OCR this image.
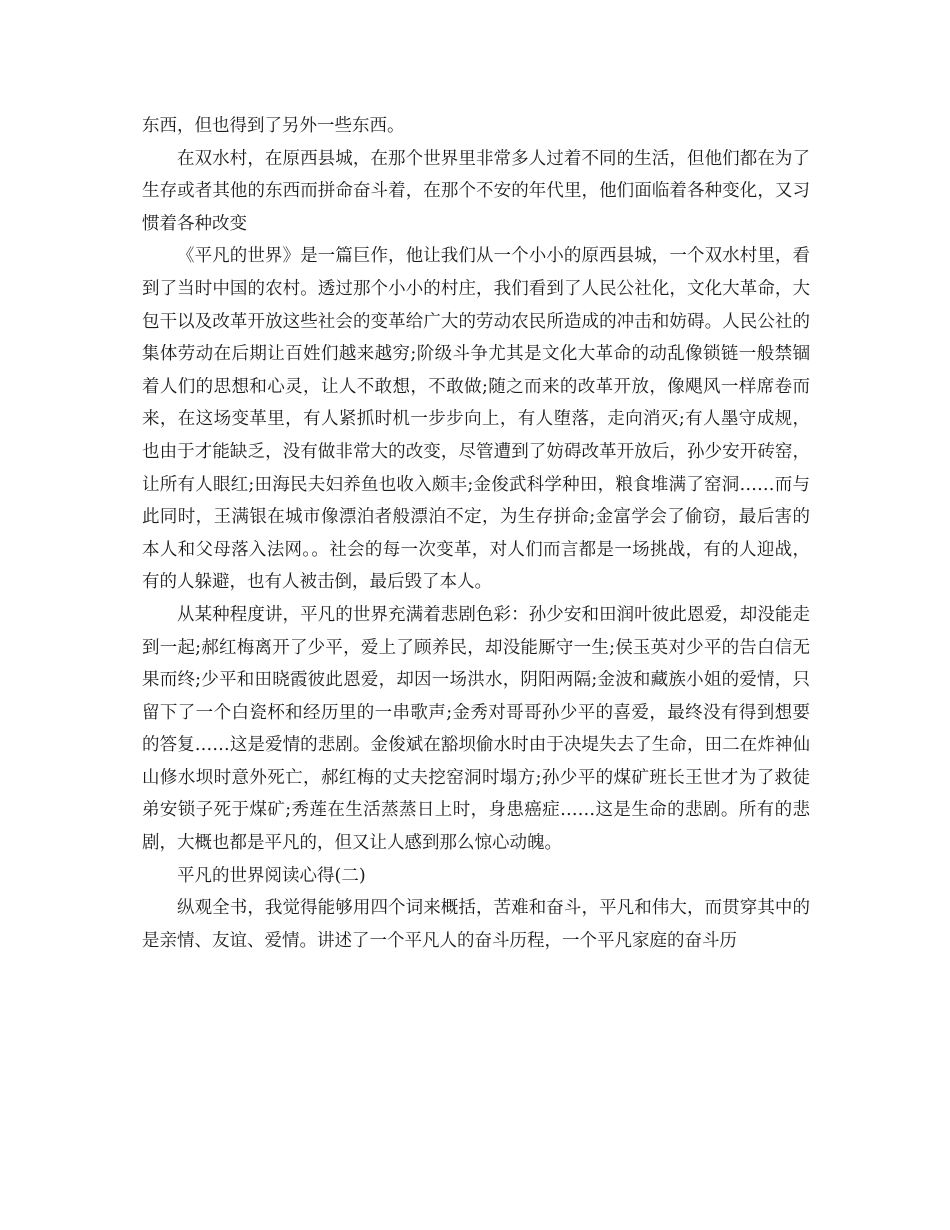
东西，但也得到了另外一些东西。

在双水村，在原西县城，在那个世界里非常多人过着不同的生活，但他们都在为了生存或者其他的东西而拼命奋斗着，在那个不安的年代里，他们面临着各种变化，又习惯着各种改变

《平凡的世界》是一篇巨作，他让我们从一个小小的原西县城，一个双水村里，看到了当时中国的农村。透过那个小小的村庄，我们看到了人民公社化，文化大革命，大包干以及改革开放这些社会的变革给广大的劳动农民所造成的冲击和妨碍。人民公社的集体劳动在后期让百姓们越来越穷;阶级斗争尤其是文化大革命的动乱像锁链一般禁锢着人们的思想和心灵，让人不敢想，不敢做;随之而来的改革开放，像飓风一样席卷而来，在这场变革里，有人紧抓时机一步步向上，有人堕落，走向消灭;有人墨守成规，也由于才能缺乏，没有做非常大的改变，尽管遭到了妨碍改革开放后，孙少安开砖窑，让所有人眼红;田海民夫妇养鱼也收入颇丰;金俊武科学种田，粮食堆满了窑洞……而与此同时，王满银在城市像漂泊者般漂泊不定，为生存拼命;金富学会了偷窃，最后害的本人和父母落入法网。。社会的每一次变革，对人们而言都是一场挑战，有的人迎战，有的人躲避，也有人被击倒，最后毁了本人。

从某种程度讲，平凡的世界充满着悲剧色彩：孙少安和田润叶彼此恩爱，却没能走到一起;郝红梅离开了少平，爱上了顾养民，却没能厮守一生;侯玉英对少平的告白信无果而终;少平和田晓霞彼此恩爱，却因一场洪水，阴阳两隔;金波和藏族小姐的爱情，只留下了一个白瓷杯和经历里的一串歌声;金秀对哥哥孙少平的喜爱，最终没有得到想要的答复……这是爱情的悲剧。金俊斌在豁坝偷水时由于决堤失去了生命，田二在炸神仙山修水坝时意外死亡，郝红梅的丈夫挖窑洞时塌方;孙少平的煤矿班长王世才为了救徒弟安锁子死于煤矿;秀莲在生活蒸蒸日上时，身患癌症……这是生命的悲剧。所有的悲剧，大概也都是平凡的，但又让人感到那么惊心动魄。

平凡的世界阅读心得(二)

纵观全书，我觉得能够用四个词来概括，苦难和奋斗，平凡和伟大，而贯穿其中的是亲情、友谊、爱情。讲述了一个平凡人的奋斗历程，一个平凡家庭的奋斗历
